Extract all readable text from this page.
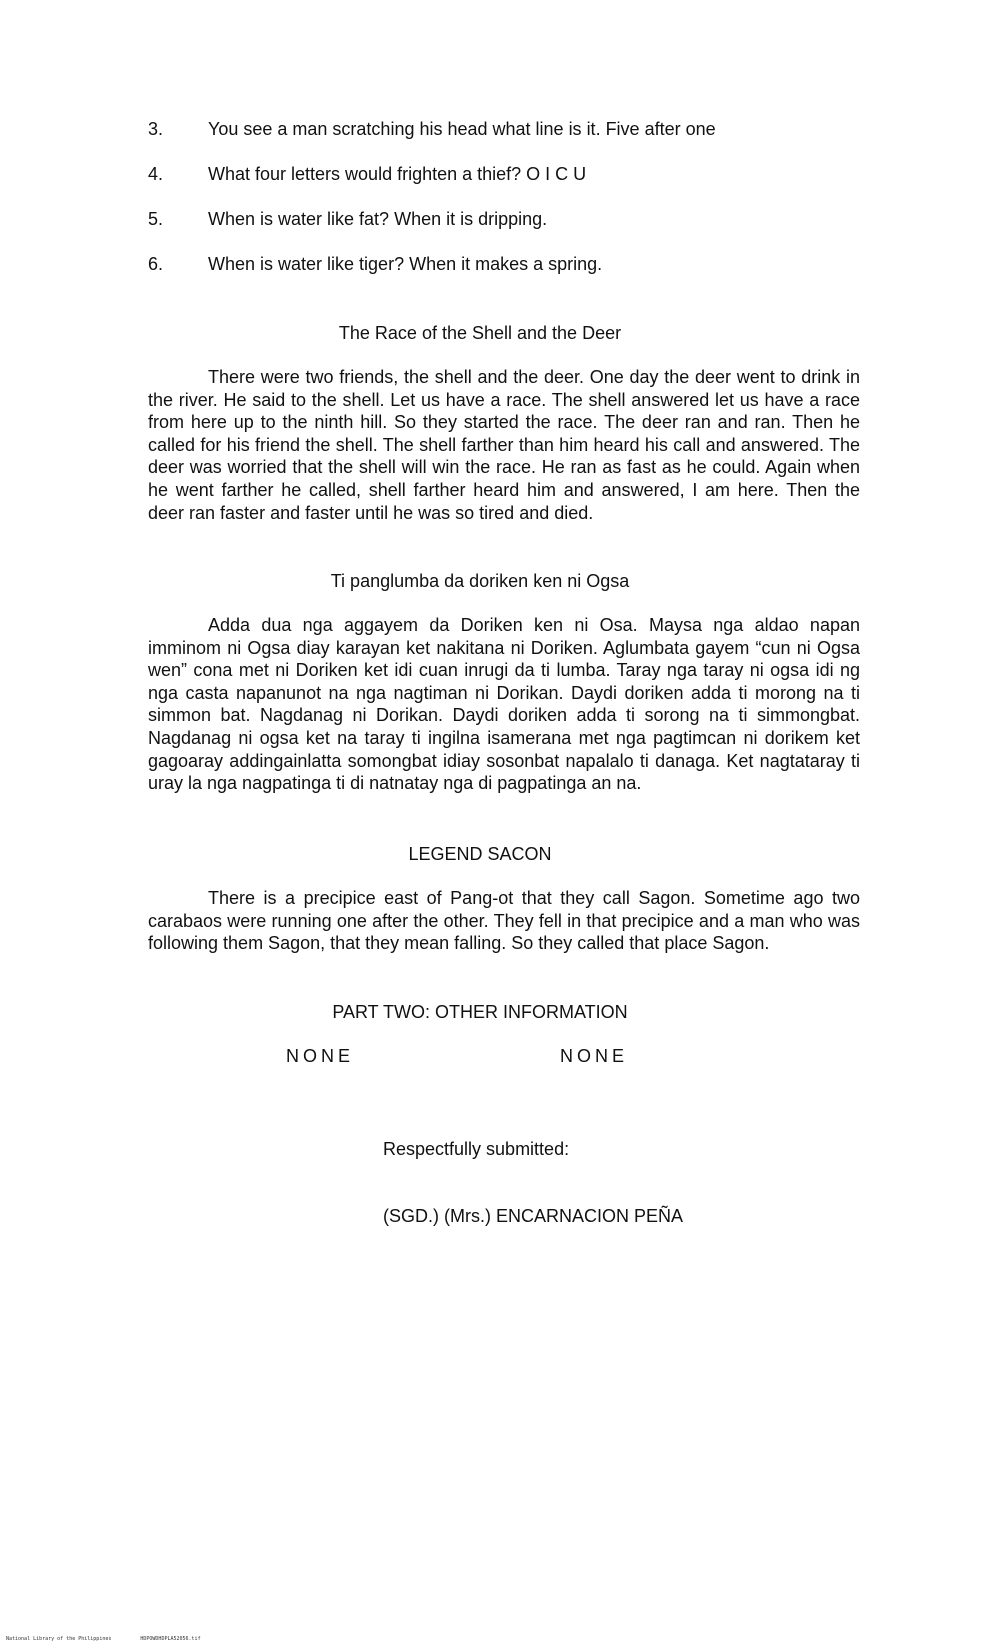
3.	You see a man scratching his head what line is it. Five after one
4.	What four letters would frighten a thief? O I C U
5.	When is water like fat? When it is dripping.
6.	When is water like tiger? When it makes a spring.
The Race of the Shell and the Deer

There were two friends, the shell and the deer. One day the deer went to drink in the river. He said to the shell. Let us have a race. The shell answered let us have a race from here up to the ninth hill. So they started the race. The deer ran and ran. Then he called for his friend the shell. The shell farther than him heard his call and answered. The deer was worried that the shell will win the race. He ran as fast as he could. Again when he went farther he called, shell farther heard him and answered, I am here. Then the deer ran faster and faster until he was so tired and died.

Ti panglumba da doriken ken ni Ogsa

Adda dua nga aggayem da Doriken ken ni Osa. Maysa nga aldao napan imminom ni Ogsa diay karayan ket nakitana ni Doriken. Aglumbata gayem “cun ni Ogsa wen” cona met ni Doriken ket idi cuan inrugi da ti lumba. Taray nga taray ni ogsa idi ng nga casta napanunot na nga nagtiman ni Dorikan. Daydi doriken adda ti morong na ti simmon bat. Nagdanag ni Dorikan. Daydi doriken adda ti sorong na ti simmongbat. Nagdanag ni ogsa ket na taray ti ingilna isamerana met nga pagtimcan ni dorikem ket gagoaray addingainlatta somongbat idiay sosonbat napalalo ti danaga. Ket nagtataray ti uray la nga nagpatinga ti di natnatay nga di pagpatinga an na.

LEGEND SACON

There is a precipice east of Pang-ot that they call Sagon. Sometime ago two carabaos were running one after the other. They fell in that precipice and a man who was following them Sagon, that they mean falling. So they called that place Sagon.

PART TWO: OTHER INFORMATION
NONE	NONE
Respectfully submitted:
(SGD.) (Mrs.) ENCARNACION PEÑA
National Library of the Philippines	HDPOWDHDPLA52056.tif
